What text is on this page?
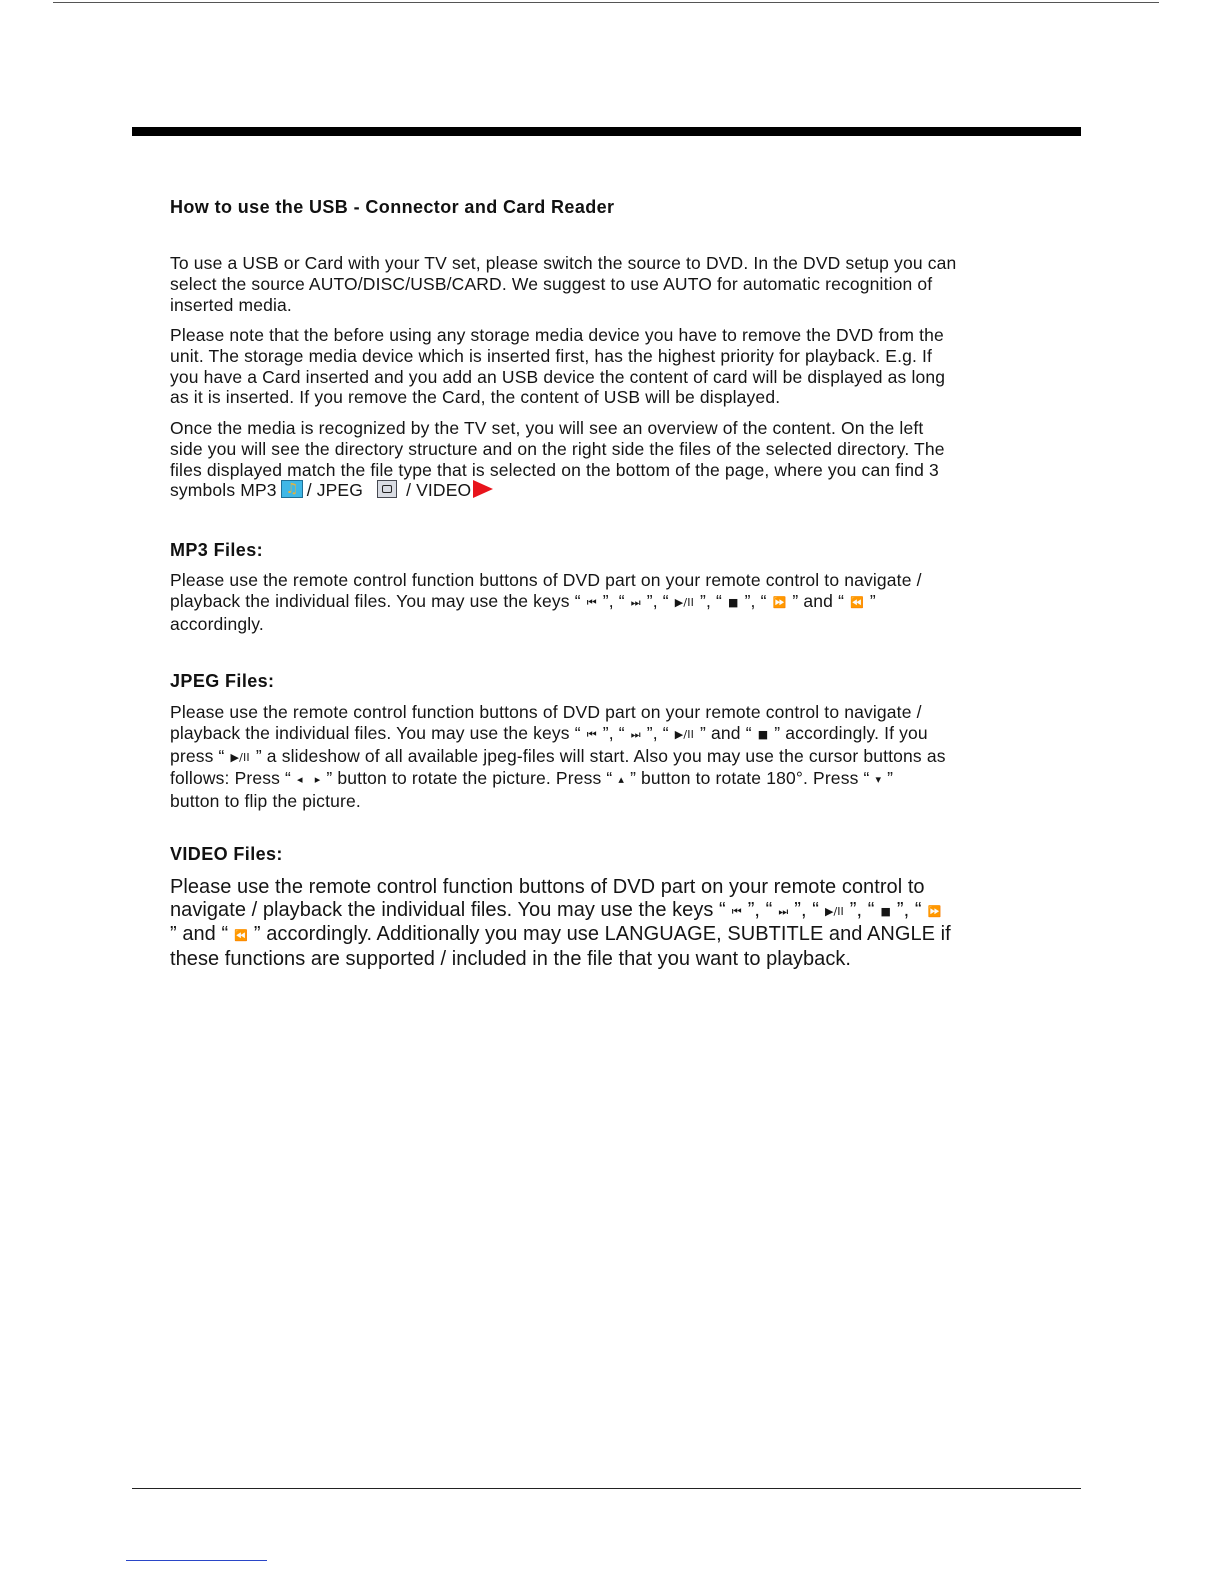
How to use the USB - Connector and Card Reader

To use a USB or Card with your TV set, please switch the source to DVD. In the DVD setup you can
select the source AUTO/DISC/USB/CARD. We suggest to use AUTO for automatic recognition of
inserted media.

Please note that the before using any storage media device you have to remove the DVD from the
unit. The storage media device which is inserted first, has the highest priority for playback. E.g. If
you have a Card inserted and you add an USB device the content of card will be displayed as long
as it is inserted. If you remove the Card, the content of USB will be displayed.

Once the media is recognized by the TV set, you will see an overview of the content. On the left
side you will see the directory structure and on the right side the files of the selected directory. The
files displayed match the file type that is selected on the bottom of the page, where you can find 3
symbols MP3♫ / JPEG / VIDEO

MP3 Files:

Please use the remote control function buttons of DVD part on your remote control to navigate /
playback the individual files. You may use the keys “ ⏮ ”, “ ⏭ ”, “ ▶/II ”, “ ■ ”, “ ⏩ ” and “ ⏪ ”
accordingly.

JPEG Files:

Please use the remote control function buttons of DVD part on your remote control to navigate /
playback the individual files. You may use the keys “ ⏮ ”, “ ⏭ ”, “ ▶/II ” and “ ■ ” accordingly. If you
press “ ▶/II ” a slideshow of all available jpeg-files will start. Also you may use the cursor buttons as
follows: Press “ ◂ ▸ ” button to rotate the picture. Press “ ▴ ” button to rotate 180°. Press “ ▾ ”
button to flip the picture.

VIDEO Files:

Please use the remote control function buttons of DVD part on your remote control to
navigate / playback the individual files. You may use the keys “ ⏮ ”, “ ⏭ ”, “ ▶/II ”, “ ■ ”, “ ⏩
” and “ ⏪ ” accordingly. Additionally you may use LANGUAGE, SUBTITLE and ANGLE if
these functions are supported / included in the file that you want to playback.
